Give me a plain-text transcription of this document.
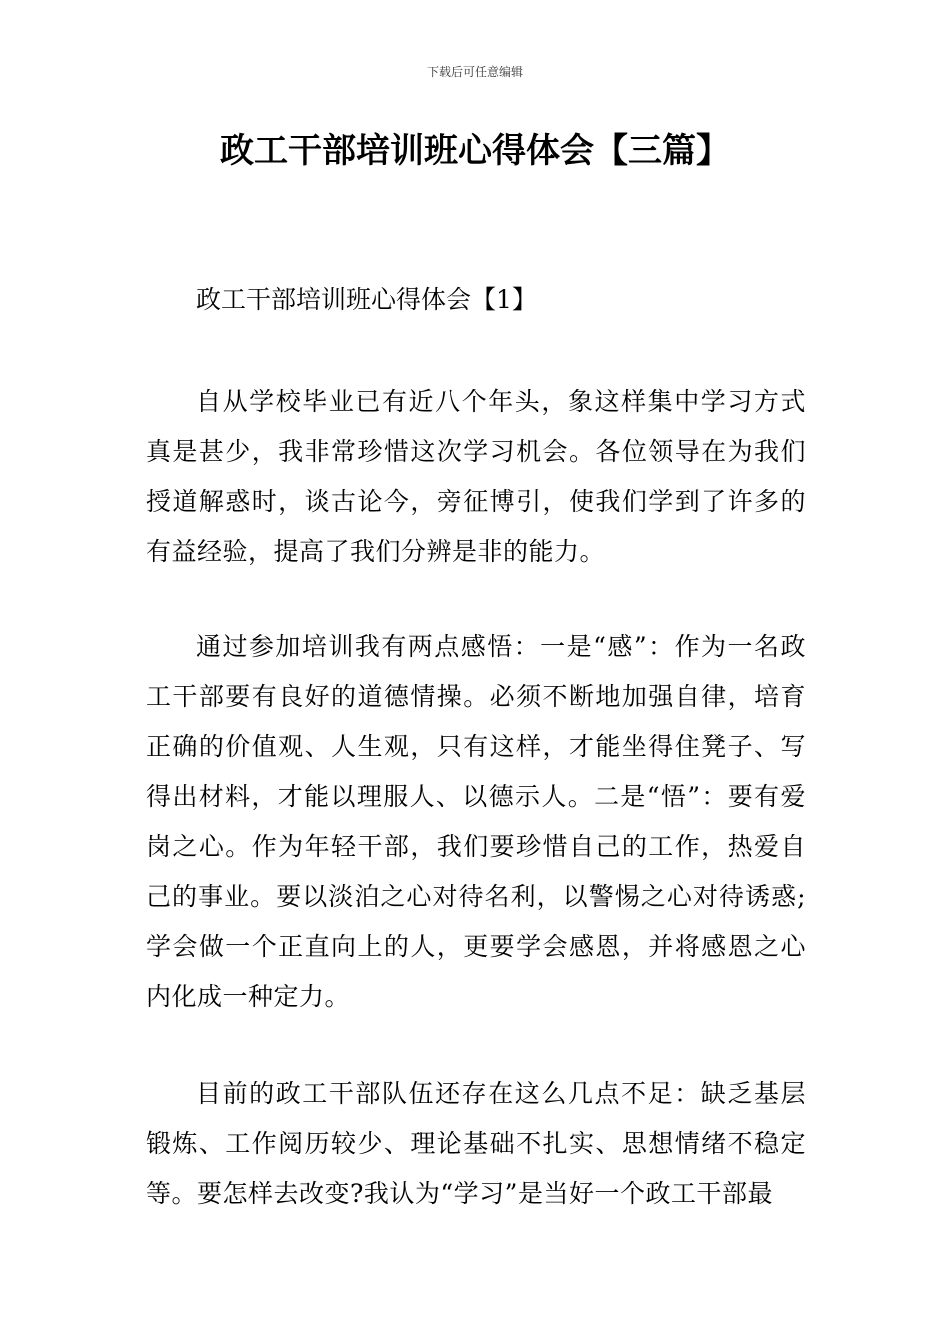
下载后可任意编辑
政工干部培训班心得体会【三篇】
政工干部培训班心得体会【1】

自从学校毕业已有近八个年头，象这样集中学习方式真是甚少，我非常珍惜这次学习机会。各位领导在为我们授道解惑时，谈古论今，旁征博引，使我们学到了许多的有益经验，提高了我们分辨是非的能力。

通过参加培训我有两点感悟：一是“感”：作为一名政工干部要有良好的道德情操。必须不断地加强自律，培育正确的价值观、人生观，只有这样，才能坐得住凳子、写得出材料，才能以理服人、以德示人。二是“悟”：要有爱岗之心。作为年轻干部，我们要珍惜自己的工作，热爱自己的事业。要以淡泊之心对待名利，以警惕之心对待诱惑;学会做一个正直向上的人，更要学会感恩，并将感恩之心内化成一种定力。

目前的政工干部队伍还存在这么几点不足：缺乏基层锻炼、工作阅历较少、理论基础不扎实、思想情绪不稳定等。要怎样去改变?我认为“学习”是当好一个政工干部最
